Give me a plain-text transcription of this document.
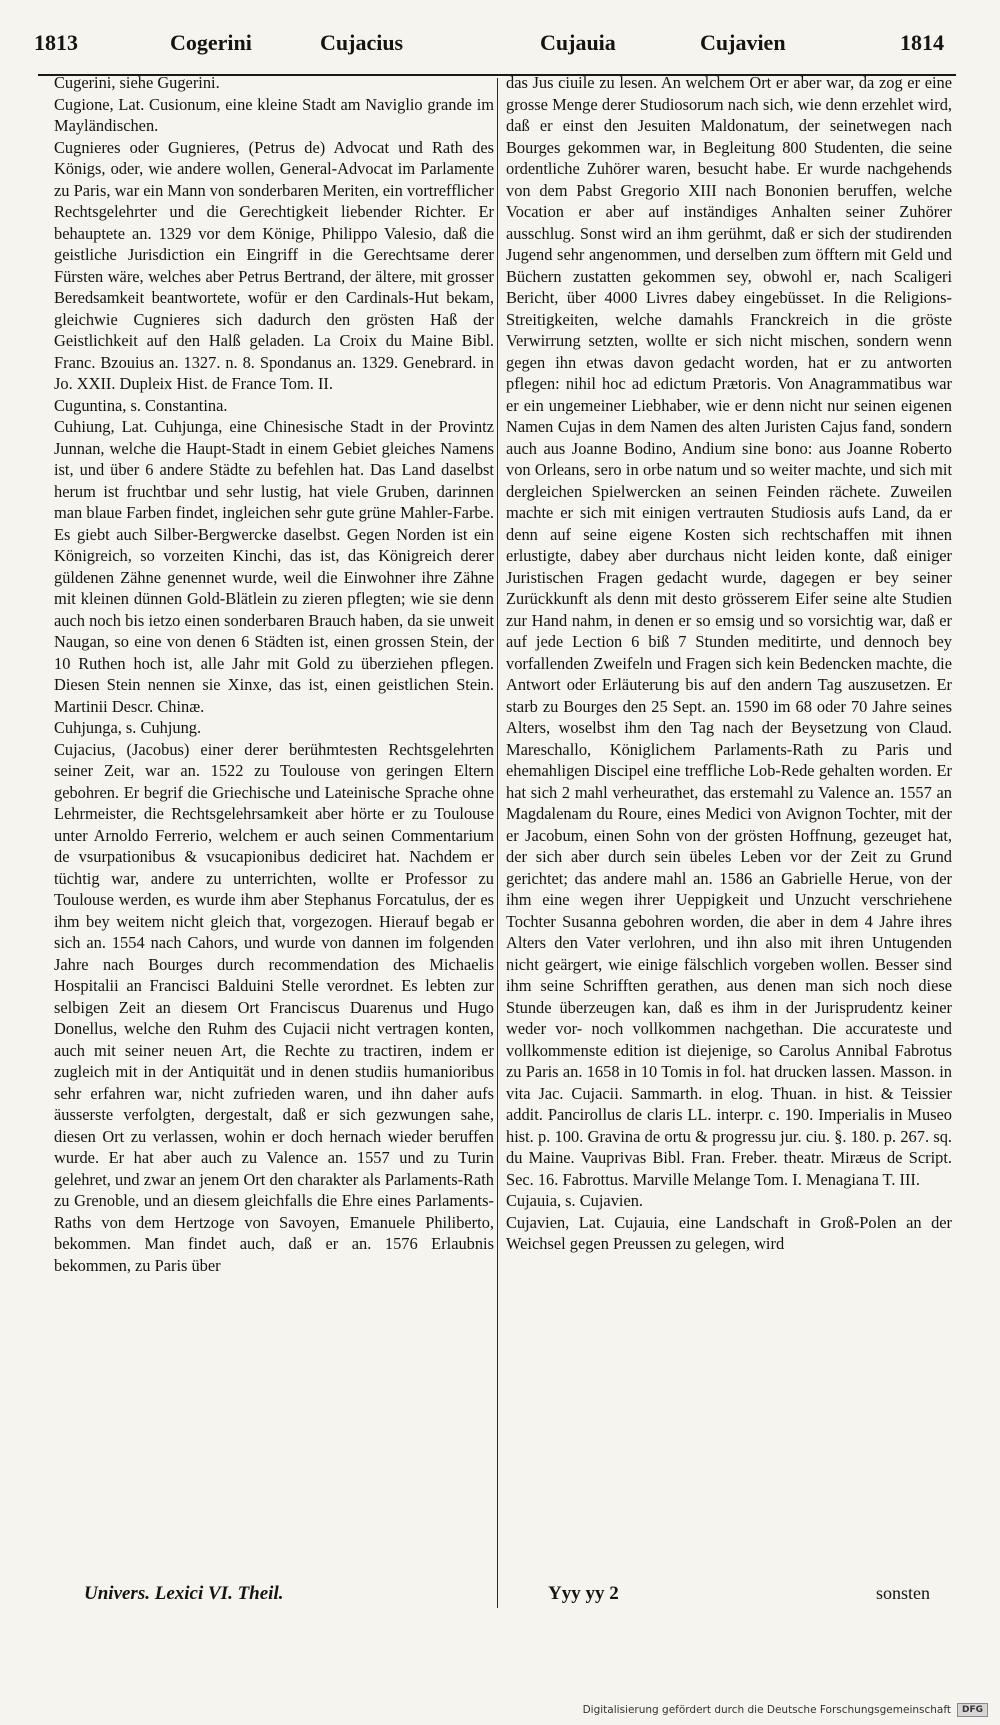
1813	Cogerini	Cujacius	Cujauia	Cujavien	1814

Cugerini, siehe Gugerini.

Cugione, Lat. Cusionum, eine kleine Stadt am Naviglio grande im Mayländischen.

Cugnieres oder Gugnieres, (Petrus de) Advocat und Rath des Königs, oder, wie andere wollen, General-Advocat im Parlamente zu Paris, war ein Mann von sonderbaren Meriten, ein vortrefflicher Rechtsgelehrter und die Gerechtigkeit liebender Richter. Er behauptete an. 1329 vor dem Könige, Philippo Valesio, daß die geistliche Jurisdiction ein Eingriff in die Gerechtsame derer Fürsten wäre, welches aber Petrus Bertrand, der ältere, mit grosser Beredsamkeit beantwortete, wofür er den Cardinals-Hut bekam, gleichwie Cugnieres sich dadurch den grösten Haß der Geistlichkeit auf den Halß geladen. La Croix du Maine Bibl. Franc. Bzouius an. 1327. n. 8. Spondanus an. 1329. Genebrard. in Jo. XXII. Dupleix Hist. de France Tom. II.

Cuguntina, s. Constantina.

Cuhiung, Lat. Cuhjunga, eine Chinesische Stadt in der Provintz Junnan, welche die Haupt-Stadt in einem Gebiet gleiches Namens ist, und über 6 andere Städte zu befehlen hat. Das Land daselbst herum ist fruchtbar und sehr lustig, hat viele Gruben, darinnen man blaue Farben findet, ingleichen sehr gute grüne Mahler-Farbe. Es giebt auch Silber-Bergwercke daselbst. Gegen Norden ist ein Königreich, so vorzeiten Kinchi, das ist, das Königreich derer güldenen Zähne genennet wurde, weil die Einwohner ihre Zähne mit kleinen dünnen Gold-Blätlein zu zieren pflegten; wie sie denn auch noch bis ietzo einen sonderbaren Brauch haben, da sie unweit Naugan, so eine von denen 6 Städten ist, einen grossen Stein, der 10 Ruthen hoch ist, alle Jahr mit Gold zu überziehen pflegen. Diesen Stein nennen sie Xinxe, das ist, einen geistlichen Stein. Martinii Descr. Chinæ.

Cuhjunga, s. Cuhjung.

Cujacius, (Jacobus) einer derer berühmtesten Rechtsgelehrten seiner Zeit, war an. 1522 zu Toulouse von geringen Eltern gebohren. Er begrif die Griechische und Lateinische Sprache ohne Lehrmeister, die Rechtsgelehrsamkeit aber hörte er zu Toulouse unter Arnoldo Ferrerio, welchem er auch seinen Commentarium de vsurpationibus & vsucapionibus dediciret hat. Nachdem er tüchtig war, andere zu unterrichten, wollte er Professor zu Toulouse werden, es wurde ihm aber Stephanus Forcatulus, der es ihm bey weitem nicht gleich that, vorgezogen. Hierauf begab er sich an. 1554 nach Cahors, und wurde von dannen im folgenden Jahre nach Bourges durch recommendation des Michaelis Hospitalii an Francisci Balduini Stelle verordnet. Es lebten zur selbigen Zeit an diesem Ort Franciscus Duarenus und Hugo Donellus, welche den Ruhm des Cujacii nicht vertragen konten, auch mit seiner neuen Art, die Rechte zu tractiren, indem er zugleich mit in der Antiquität und in denen studiis humanioribus sehr erfahren war, nicht zufrieden waren, und ihn daher aufs äusserste verfolgten, dergestalt, daß er sich gezwungen sahe, diesen Ort zu verlassen, wohin er doch hernach wieder beruffen wurde. Er hat aber auch zu Valence an. 1557 und zu Turin gelehret, und zwar an jenem Ort den charakter als Parlaments-Rath zu Grenoble, und an diesem gleichfalls die Ehre eines Parlaments-Raths von dem Hertzoge von Savoyen, Emanuele Philiberto, bekommen. Man findet auch, daß er an. 1576 Erlaubnis bekommen, zu Paris über

das Jus ciuile zu lesen. An welchem Ort er aber war, da zog er eine grosse Menge derer Studiosorum nach sich, wie denn erzehlet wird, daß er einst den Jesuiten Maldonatum, der seinetwegen nach Bourges gekommen war, in Begleitung 800 Studenten, die seine ordentliche Zuhörer waren, besucht habe. Er wurde nachgehends von dem Pabst Gregorio XIII nach Bononien beruffen, welche Vocation er aber auf inständiges Anhalten seiner Zuhörer ausschlug. Sonst wird an ihm gerühmt, daß er sich der studirenden Jugend sehr angenommen, und derselben zum öfftern mit Geld und Büchern zustatten gekommen sey, obwohl er, nach Scaligeri Bericht, über 4000 Livres dabey eingebüsset. In die Religions-Streitigkeiten, welche damahls Franckreich in die gröste Verwirrung setzten, wollte er sich nicht mischen, sondern wenn gegen ihn etwas davon gedacht worden, hat er zu antworten pflegen: nihil hoc ad edictum Prætoris. Von Anagrammatibus war er ein ungemeiner Liebhaber, wie er denn nicht nur seinen eigenen Namen Cujas in dem Namen des alten Juristen Cajus fand, sondern auch aus Joanne Bodino, Andium sine bono: aus Joanne Roberto von Orleans, sero in orbe natum und so weiter machte, und sich mit dergleichen Spielwercken an seinen Feinden rächete. Zuweilen machte er sich mit einigen vertrauten Studiosis aufs Land, da er denn auf seine eigene Kosten sich rechtschaffen mit ihnen erlustigte, dabey aber durchaus nicht leiden konte, daß einiger Juristischen Fragen gedacht wurde, dagegen er bey seiner Zurückkunft als denn mit desto grösserem Eifer seine alte Studien zur Hand nahm, in denen er so emsig und so vorsichtig war, daß er auf jede Lection 6 biß 7 Stunden meditirte, und dennoch bey vorfallenden Zweifeln und Fragen sich kein Bedencken machte, die Antwort oder Erläuterung bis auf den andern Tag auszusetzen. Er starb zu Bourges den 25 Sept. an. 1590 im 68 oder 70 Jahre seines Alters, woselbst ihm den Tag nach der Beysetzung von Claud. Mareschallo, Königlichem Parlaments-Rath zu Paris und ehemahligen Discipel eine treffliche Lob-Rede gehalten worden. Er hat sich 2 mahl verheurathet, das erstemahl zu Valence an. 1557 an Magdalenam du Roure, eines Medici von Avignon Tochter, mit der er Jacobum, einen Sohn von der grösten Hoffnung, gezeuget hat, der sich aber durch sein übeles Leben vor der Zeit zu Grund gerichtet; das andere mahl an. 1586 an Gabrielle Herue, von der ihm eine wegen ihrer Ueppigkeit und Unzucht verschriehene Tochter Susanna gebohren worden, die aber in dem 4 Jahre ihres Alters den Vater verlohren, und ihn also mit ihren Untugenden nicht geärgert, wie einige fälschlich vorgeben wollen. Besser sind ihm seine Schrifften gerathen, aus denen man sich noch diese Stunde überzeugen kan, daß es ihm in der Jurisprudentz keiner weder vor- noch vollkommen nachgethan. Die accurateste und vollkommenste edition ist diejenige, so Carolus Annibal Fabrotus zu Paris an. 1658 in 10 Tomis in fol. hat drucken lassen. Masson. in vita Jac. Cujacii. Sammarth. in elog. Thuan. in hist. & Teissier addit. Pancirollus de claris LL. interpr. c. 190. Imperialis in Museo hist. p. 100. Gravina de ortu & progressu jur. ciu. §. 180. p. 267. sq. du Maine. Vauprivas Bibl. Fran. Freber. theatr. Miræus de Script. Sec. 16. Fabrottus. Marville Melange Tom. I. Menagiana T. III.

Cujauia, s. Cujavien.

Cujavien, Lat. Cujauia, eine Landschaft in Groß-Polen an der Weichsel gegen Preussen zu gelegen, wird

Univers. Lexici VI. Theil.	Yyy yy 2	sonsten
Digitalisierung gefördert durch die Deutsche Forschungsgemeinschaft	DFG
